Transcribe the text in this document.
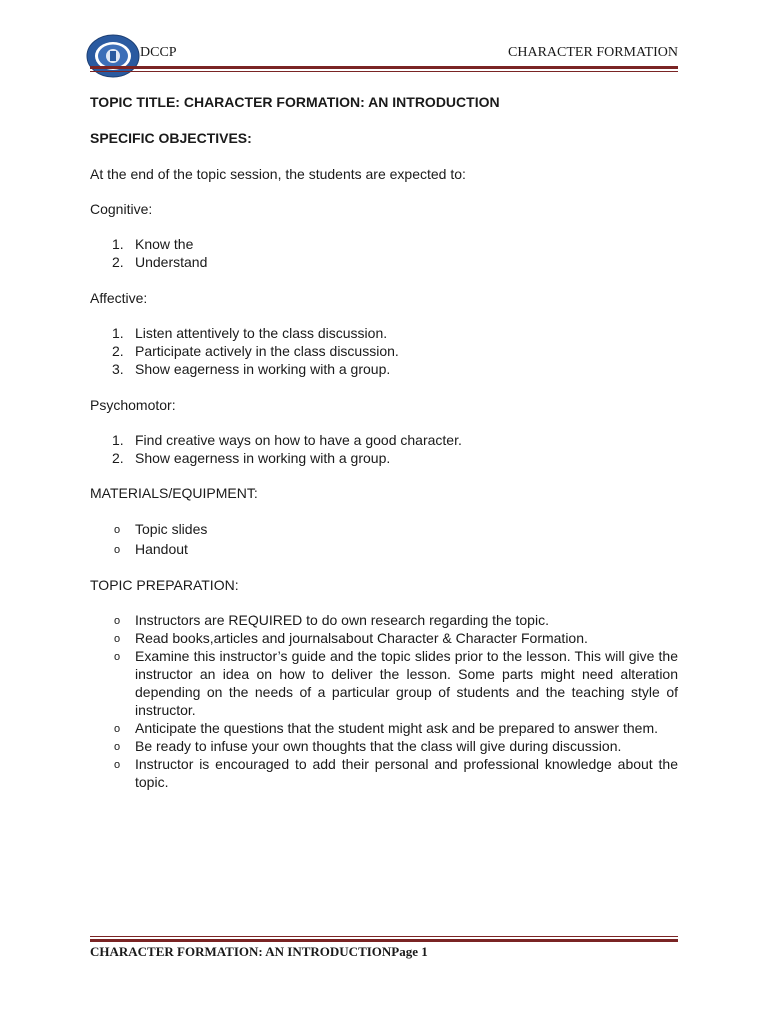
DCCP	CHARACTER FORMATION

TOPIC TITLE: CHARACTER FORMATION: AN INTRODUCTION

SPECIFIC OBJECTIVES:

At the end of the topic session, the students are expected to:

Cognitive:

1. Know the
2. Understand

Affective:

1. Listen attentively to the class discussion.
2. Participate actively in the class discussion.
3. Show eagerness in working with a group.

Psychomotor:

1. Find creative ways on how to have a good character.
2. Show eagerness in working with a group.

MATERIALS/EQUIPMENT:

o Topic slides
o Handout

TOPIC PREPARATION:

o Instructors are REQUIRED to do own research regarding the topic.
o Read books,articles and journalsabout Character & Character Formation.
o Examine this instructor’s guide and the topic slides prior to the lesson. This will give the instructor an idea on how to deliver the lesson. Some parts might need alteration depending on the needs of a particular group of students and the teaching style of instructor.
o Anticipate the questions that the student might ask and be prepared to answer them.
o Be ready to infuse your own thoughts that the class will give during discussion.
o Instructor is encouraged to add their personal and professional knowledge about the topic.
CHARACTER FORMATION: AN INTRODUCTIONPage 1
